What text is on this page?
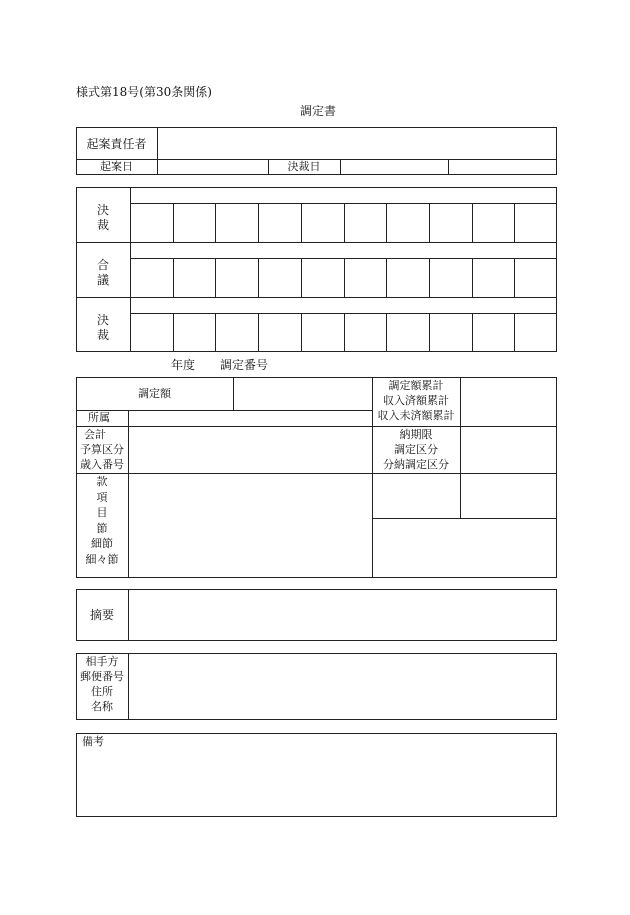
様式第18号(第30条関係)
調定書
起案責任者
起案日	決裁日
決
裁
合
議
決
裁
年度 調定番号
調定額
調定額累計
収入済額累計
収入未済額累計
所属
会計
予算区分
歳入番号
納期限
調定区分
分納調定区分
款
項
目
節
細節
細々節
摘要
相手方
郵便番号
住所
名称
備考
